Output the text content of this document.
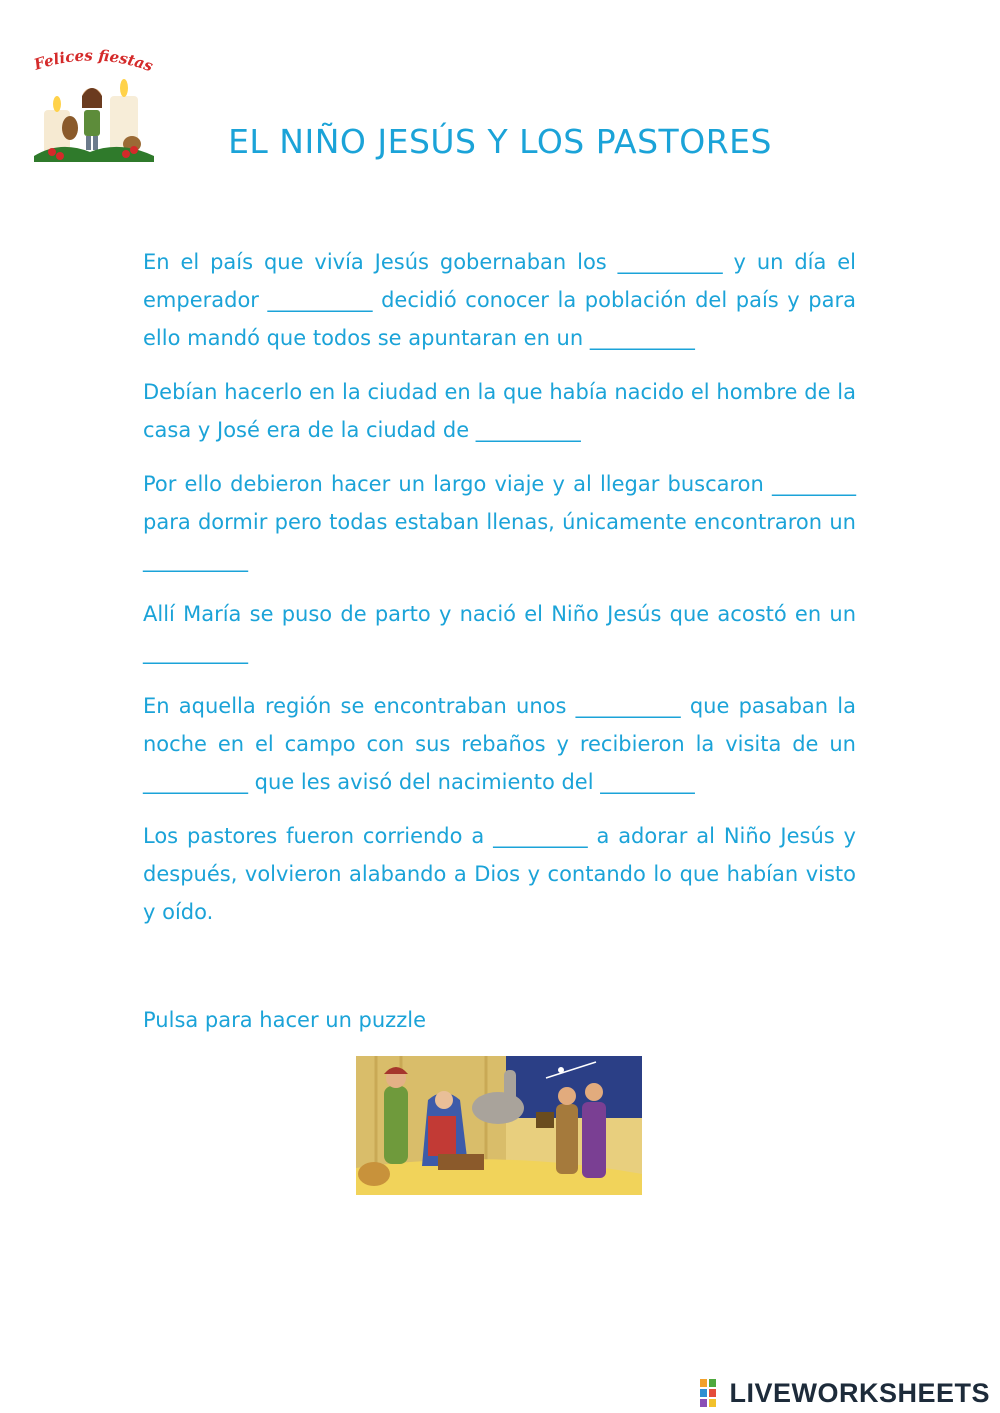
Felices fiestas
EL NIÑO JESÚS Y LOS PASTORES

En el país que vivía Jesús gobernaban los __________ y un día el emperador __________ decidió conocer la población del país y para ello mandó que todos se apuntaran en un __________

Debían hacerlo en la ciudad en la que había nacido el hombre de la casa y José era de la ciudad de __________

Por ello debieron hacer un largo viaje y al llegar buscaron ________ para dormir pero todas estaban llenas, únicamente encontraron un __________

Allí María se puso de parto y nació el Niño Jesús que acostó en un __________

En aquella región se encontraban unos __________ que pasaban la noche en el campo con sus rebaños y recibieron la visita de un __________ que les avisó del nacimiento del _________

Los pastores fueron corriendo a _________ a adorar al Niño Jesús y después, volvieron alabando a Dios y contando lo que habían visto y oído.

Pulsa para hacer un puzzle
LIVEWORKSHEETS
